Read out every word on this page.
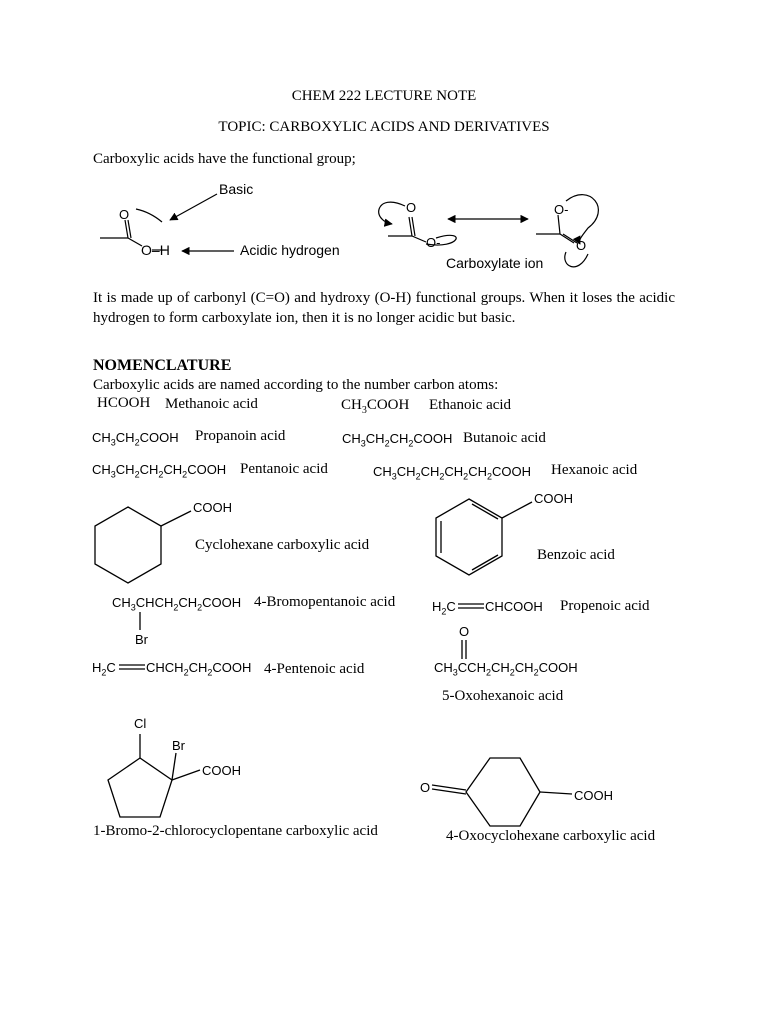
CHEM 222 LECTURE NOTE
TOPIC: CARBOXYLIC ACIDS AND DERIVATIVES
Carboxylic acids have the functional group;
O
O–H
Basic
Acidic hydrogen
O
O-
O-
O
Carboxylate ion
It is made up of carbonyl (C=O) and hydroxy (O-H) functional groups. When it loses the acidic hydrogen to form carboxylate ion, then it is no longer acidic but basic.
NOMENCLATURE
Carboxylic acids are named according to the number carbon atoms:
HCOOH Methanoic acid	$CH_3COOH$ Ethanoic acid
$CH_3CH_2COOH$ Propanoin acid	$CH_3CH_2CH_2COOH$ Butanoic acid
$CH_3CH_2CH_2CH_2COOH$ Pentanoic acid	$CH_3CH_2CH_2CH_2CH_2COOH$ Hexanoic acid
COOH
Cyclohexane carboxylic acid
COOH
Benzoic acid
$CH_3CHCH_2CH_2COOH$
Br
4-Bromopentanoic acid	$H_2C$ CHCOOH Propenoic acid
$H_2C$ $CHCH_2CH_2COOH$ 4-Pentenoic acid
O
$CH_3CCH_2CH_2CH_2COOH$
5-Oxohexanoic acid
Cl
Br
COOH
1-Bromo-2-chlorocyclopentane carboxylic acid
O
COOH
4-Oxocyclohexane carboxylic acid
